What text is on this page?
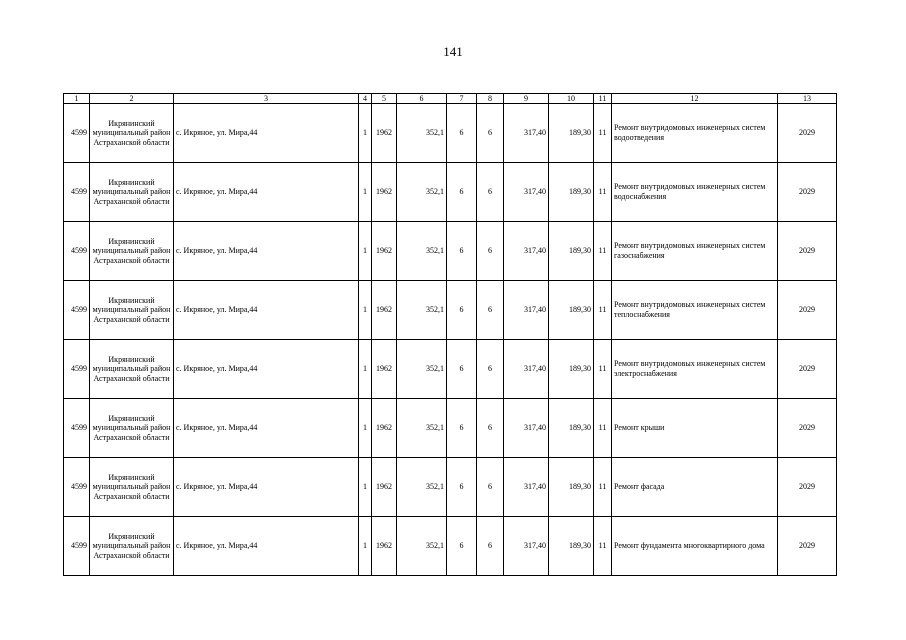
141
1	2	3	4	5	6	7	8	9	10	11	12	13
4599	Икрянинский муниципальный район Астраханской области	с. Икряное, ул. Мира,44	1	1962	352,1	6	6	317,40	189,30	11	Ремонт внутридомовых инженерных систем водоотведения	2029
4599	Икрянинский муниципальный район Астраханской области	с. Икряное, ул. Мира,44	1	1962	352,1	6	6	317,40	189,30	11	Ремонт внутридомовых инженерных систем водоснабжения	2029
4599	Икрянинский муниципальный район Астраханской области	с. Икряное, ул. Мира,44	1	1962	352,1	6	6	317,40	189,30	11	Ремонт внутридомовых инженерных систем газоснабжения	2029
4599	Икрянинский муниципальный район Астраханской области	с. Икряное, ул. Мира,44	1	1962	352,1	6	6	317,40	189,30	11	Ремонт внутридомовых инженерных систем теплоснабжения	2029
4599	Икрянинский муниципальный район Астраханской области	с. Икряное, ул. Мира,44	1	1962	352,1	6	6	317,40	189,30	11	Ремонт внутридомовых инженерных систем электроснабжения	2029
4599	Икрянинский муниципальный район Астраханской области	с. Икряное, ул. Мира,44	1	1962	352,1	6	6	317,40	189,30	11	Ремонт крыши	2029
4599	Икрянинский муниципальный район Астраханской области	с. Икряное, ул. Мира,44	1	1962	352,1	6	6	317,40	189,30	11	Ремонт фасада	2029
4599	Икрянинский муниципальный район Астраханской области	с. Икряное, ул. Мира,44	1	1962	352,1	6	6	317,40	189,30	11	Ремонт фундамента многоквартирного дома	2029
